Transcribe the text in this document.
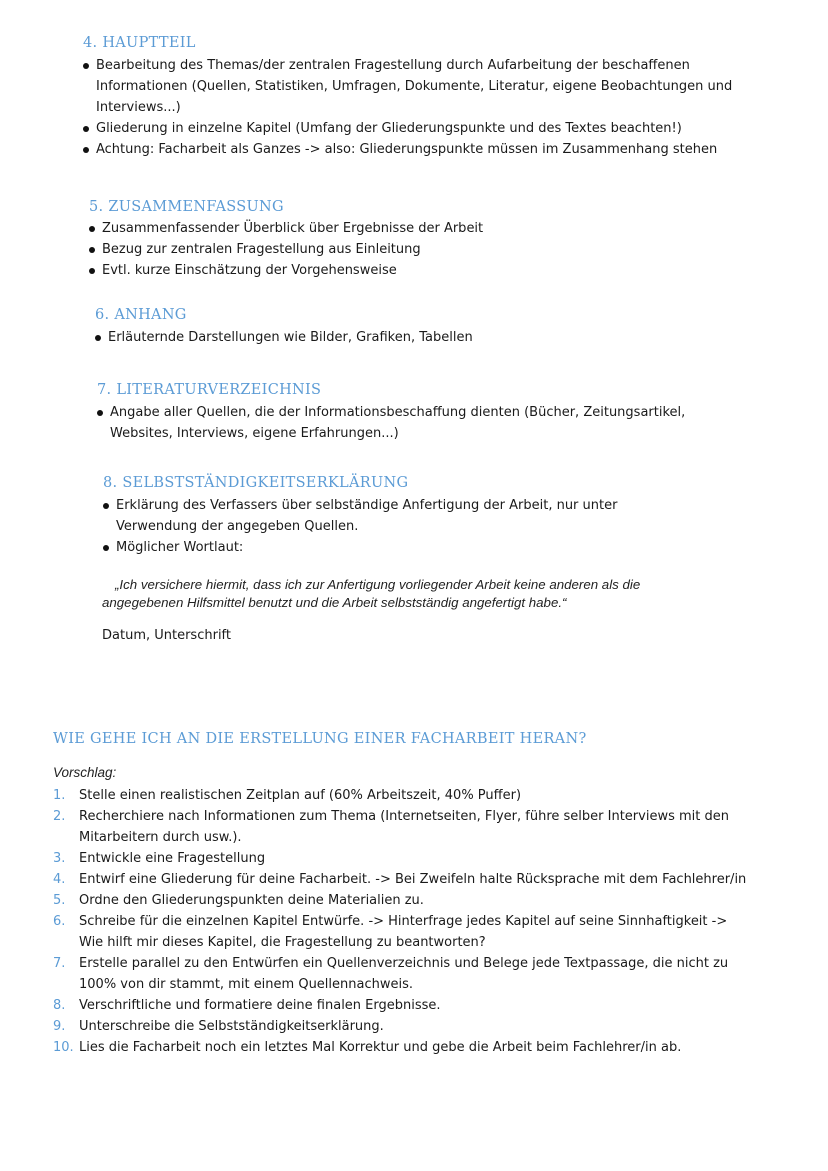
4. HAUPTTEIL
Bearbeitung des Themas/der zentralen Fragestellung durch Aufarbeitung der beschaffenen Informationen (Quellen, Statistiken, Umfragen, Dokumente, Literatur, eigene Beobachtungen und Interviews...)
Gliederung in einzelne Kapitel (Umfang der Gliederungspunkte und des Textes beachten!)
Achtung: Facharbeit als Ganzes -> also: Gliederungspunkte müssen im Zusammenhang stehen
5. ZUSAMMENFASSUNG
Zusammenfassender Überblick über Ergebnisse der Arbeit
Bezug zur zentralen Fragestellung aus Einleitung
Evtl. kurze Einschätzung der Vorgehensweise
6. ANHANG
Erläuternde Darstellungen wie Bilder, Grafiken, Tabellen
7. LITERATURVERZEICHNIS
Angabe aller Quellen, die der Informationsbeschaffung dienten (Bücher, Zeitungsartikel, Websites, Interviews, eigene Erfahrungen...)
8. SELBSTSTÄNDIGKEITSERKLÄRUNG
Erklärung des Verfassers über selbständige Anfertigung der Arbeit, nur unter Verwendung der angegeben Quellen.
Möglicher Wortlaut:
„Ich versichere hiermit, dass ich zur Anfertigung vorliegender Arbeit keine anderen als die
angegebenen Hilfsmittel benutzt und die Arbeit selbstständig angefertigt habe.“
Datum, Unterschrift
WIE GEHE ICH AN DIE ERSTELLUNG EINER FACHARBEIT HERAN?
Vorschlag:
1. Stelle einen realistischen Zeitplan auf (60% Arbeitszeit, 40% Puffer)
2. Recherchiere nach Informationen zum Thema (Internetseiten, Flyer, führe selber Interviews mit den Mitarbeitern durch usw.).
3. Entwickle eine Fragestellung
4. Entwirf eine Gliederung für deine Facharbeit. -> Bei Zweifeln halte Rücksprache mit dem Fachlehrer/in
5. Ordne den Gliederungspunkten deine Materialien zu.
6. Schreibe für die einzelnen Kapitel Entwürfe. -> Hinterfrage jedes Kapitel auf seine Sinnhaftigkeit -> Wie hilft mir dieses Kapitel, die Fragestellung zu beantworten?
7. Erstelle parallel zu den Entwürfen ein Quellenverzeichnis und Belege jede Textpassage, die nicht zu 100% von dir stammt, mit einem Quellennachweis.
8. Verschriftliche und formatiere deine finalen Ergebnisse.
9. Unterschreibe die Selbstständigkeitserklärung.
10. Lies die Facharbeit noch ein letztes Mal Korrektur und gebe die Arbeit beim Fachlehrer/in ab.
